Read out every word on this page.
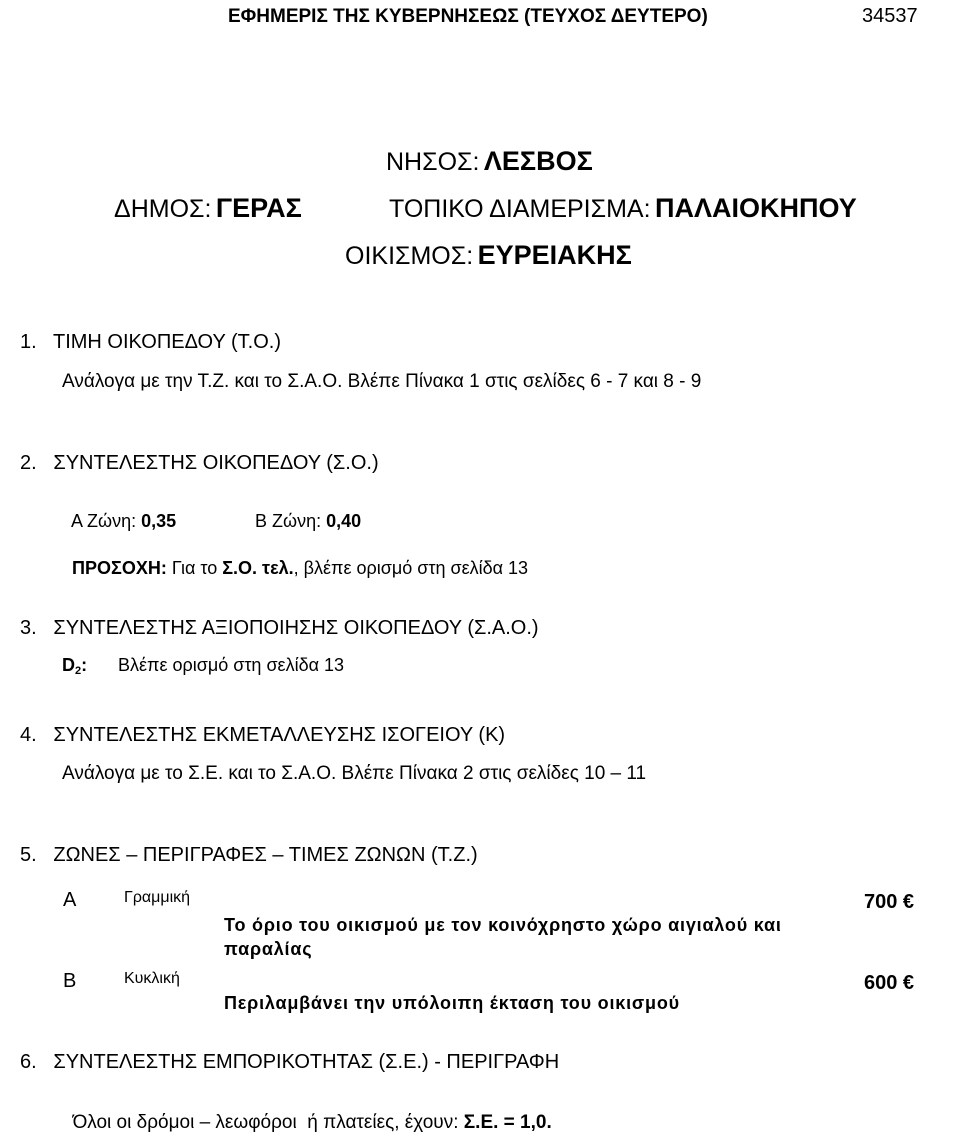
ΕΦΗΜΕΡΙΣ ΤΗΣ ΚΥΒΕΡΝΗΣΕΩΣ (ΤΕΥΧΟΣ ΔΕΥΤΕΡΟ)	34537
ΝΗΣΟΣ: ΛΕΣΒΟΣ
ΔΗΜΟΣ: ΓΕΡΑΣ	ΤΟΠΙΚΟ ΔΙΑΜΕΡΙΣΜΑ: ΠΑΛΑΙΟΚΗΠΟΥ
ΟΙΚΙΣΜΟΣ: ΕΥΡΕΙΑΚΗΣ
1.   ΤΙΜΗ ΟΙΚΟΠΕΔΟΥ (Τ.Ο.)
Ανάλογα με την Τ.Ζ. και το Σ.Α.Ο. Βλέπε Πίνακα 1 στις σελίδες 6 - 7 και 8 - 9
2.   ΣΥΝΤΕΛΕΣΤΗΣ ΟΙΚΟΠΕΔΟΥ (Σ.Ο.)

Α Ζώνη: 0,35	Β Ζώνη: 0,40

ΠΡΟΣΟΧΗ: Για το Σ.Ο. τελ., βλέπε ορισμό στη σελίδα 13

3.   ΣΥΝΤΕΛΕΣΤΗΣ ΑΞΙΟΠΟΙΗΣΗΣ ΟΙΚΟΠΕΔΟΥ (Σ.Α.Ο.)
$D_2$: Βλέπε ορισμό στη σελίδα 13
4.   ΣΥΝΤΕΛΕΣΤΗΣ ΕΚΜΕΤΑΛΛΕΥΣΗΣ ΙΣΟΓΕΙΟΥ (Κ)
Ανάλογα με το Σ.Ε. και το Σ.Α.Ο. Βλέπε Πίνακα 2 στις σελίδες 10 – 11
5.   ΖΩΝΕΣ – ΠΕΡΙΓΡΑΦΕΣ – ΤΙΜΕΣ ΖΩΝΩΝ (Τ.Ζ.)
Α	Γραμμική
Το όριο του οικισμού με τον κοινόχρηστο χώρο αιγιαλού και
παραλίας
700 €
Β	Κυκλική
Περιλαμβάνει την υπόλοιπη έκταση του οικισμού
600 €
6.   ΣΥΝΤΕΛΕΣΤΗΣ ΕΜΠΟΡΙΚΟΤΗΤΑΣ (Σ.Ε.) - ΠΕΡΙΓΡΑΦΗ

Όλοι οι δρόμοι – λεωφόροι  ή πλατείες, έχουν: Σ.Ε. = 1,0.
